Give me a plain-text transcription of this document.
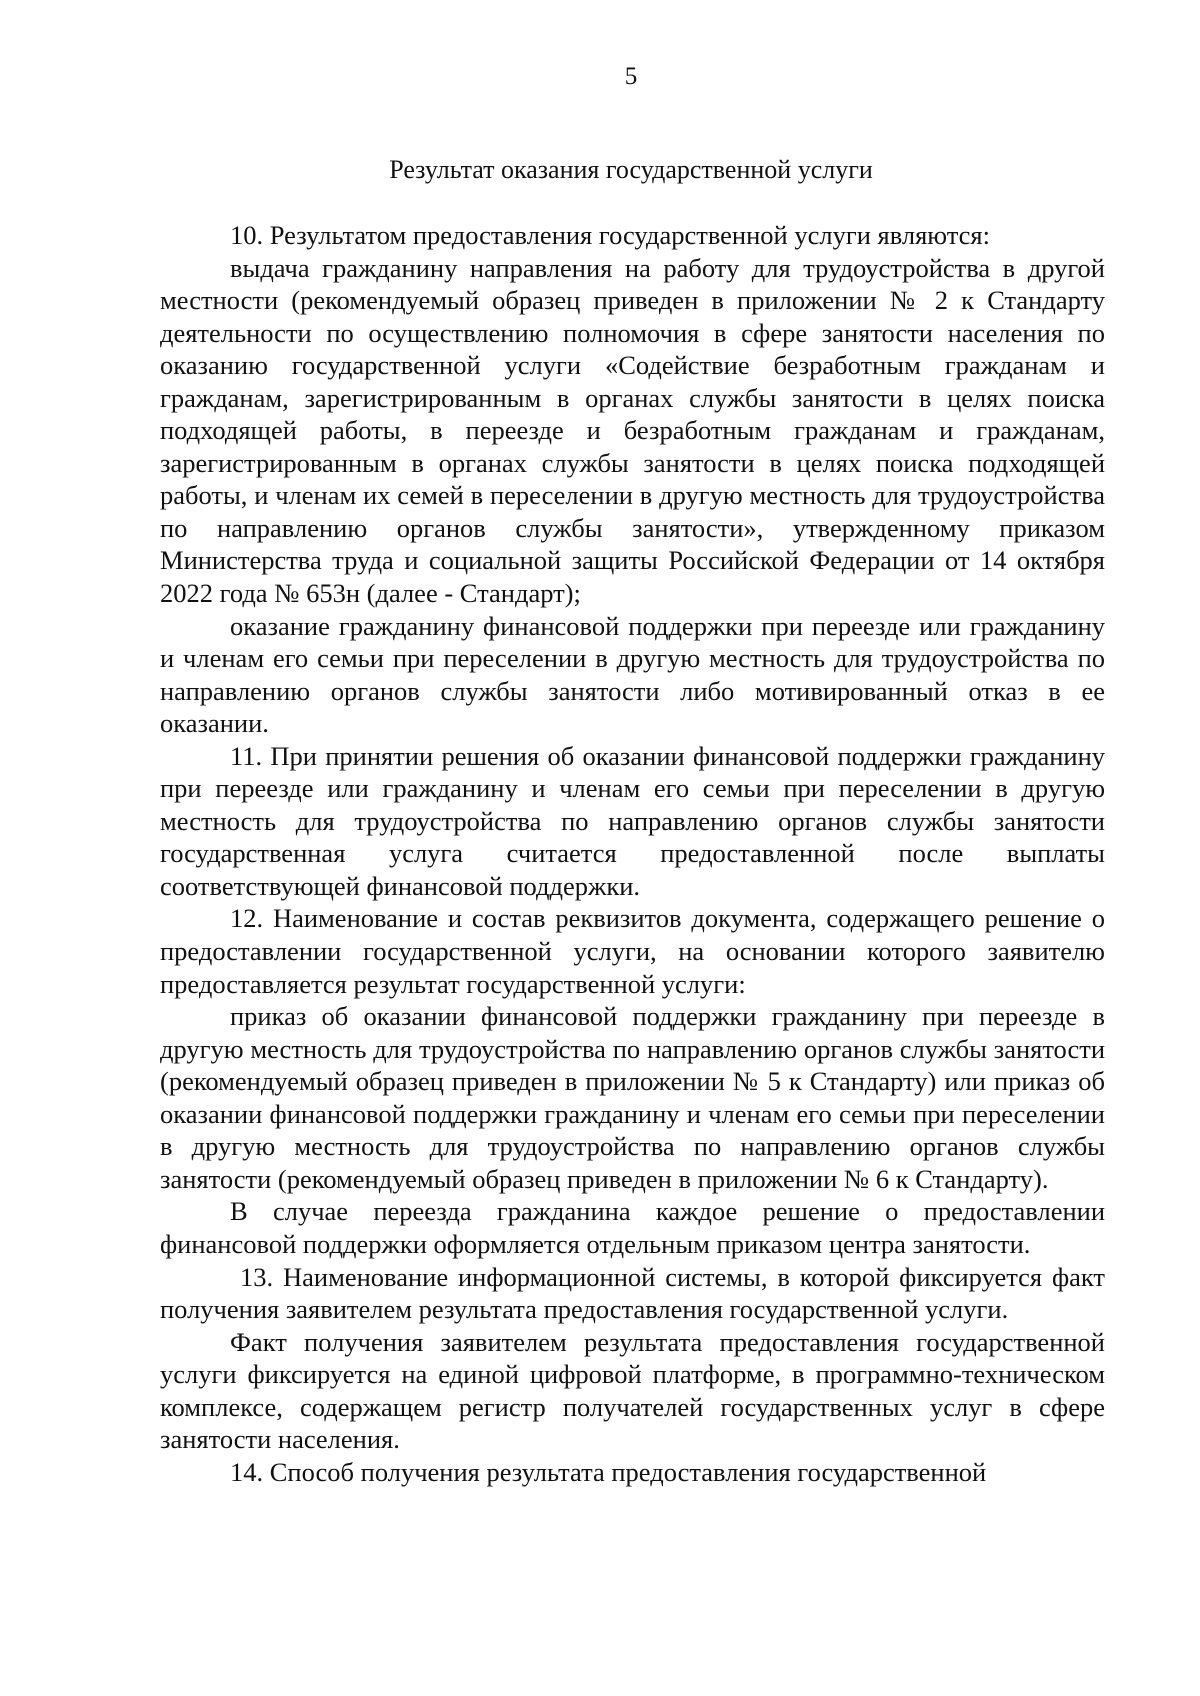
5
Результат оказания государственной услуги

10. Результатом предоставления государственной услуги являются:

выдача гражданину направления на работу для трудоустройства в другой местности (рекомендуемый образец приведен в приложении № 2 к Стандарту деятельности по осуществлению полномочия в сфере занятости населения по оказанию государственной услуги «Содействие безработным гражданам и гражданам, зарегистрированным в органах службы занятости в целях поиска подходящей работы, в переезде и безработным гражданам и гражданам, зарегистрированным в органах службы занятости в целях поиска подходящей работы, и членам их семей в переселении в другую местность для трудоустройства по направлению органов службы занятости», утвержденному приказом Министерства труда и социальной защиты Российской Федерации от 14 октября 2022 года № 653н (далее - Стандарт);

оказание гражданину финансовой поддержки при переезде или гражданину и членам его семьи при переселении в другую местность для трудоустройства по направлению органов службы занятости либо мотивированный отказ в ее оказании.

11. При принятии решения об оказании финансовой поддержки гражданину при переезде или гражданину и членам его семьи при переселении в другую местность для трудоустройства по направлению органов службы занятости государственная услуга считается предоставленной после выплаты соответствующей финансовой поддержки.

12. Наименование и состав реквизитов документа, содержащего решение о предоставлении государственной услуги, на основании которого заявителю предоставляется результат государственной услуги:

приказ об оказании финансовой поддержки гражданину при переезде в другую местность для трудоустройства по направлению органов службы занятости (рекомендуемый образец приведен в приложении № 5 к Стандарту) или приказ об оказании финансовой поддержки гражданину и членам его семьи при переселении в другую местность для трудоустройства по направлению органов службы занятости (рекомендуемый образец приведен в приложении № 6 к Стандарту).

В случае переезда гражданина каждое решение о предоставлении финансовой поддержки оформляется отдельным приказом центра занятости.

13. Наименование информационной системы, в которой фиксируется факт получения заявителем результата предоставления государственной услуги.

Факт получения заявителем результата предоставления государственной услуги фиксируется на единой цифровой платформе, в программно-техническом комплексе, содержащем регистр получателей государственных услуг в сфере занятости населения.

14. Способ получения результата предоставления государственной
